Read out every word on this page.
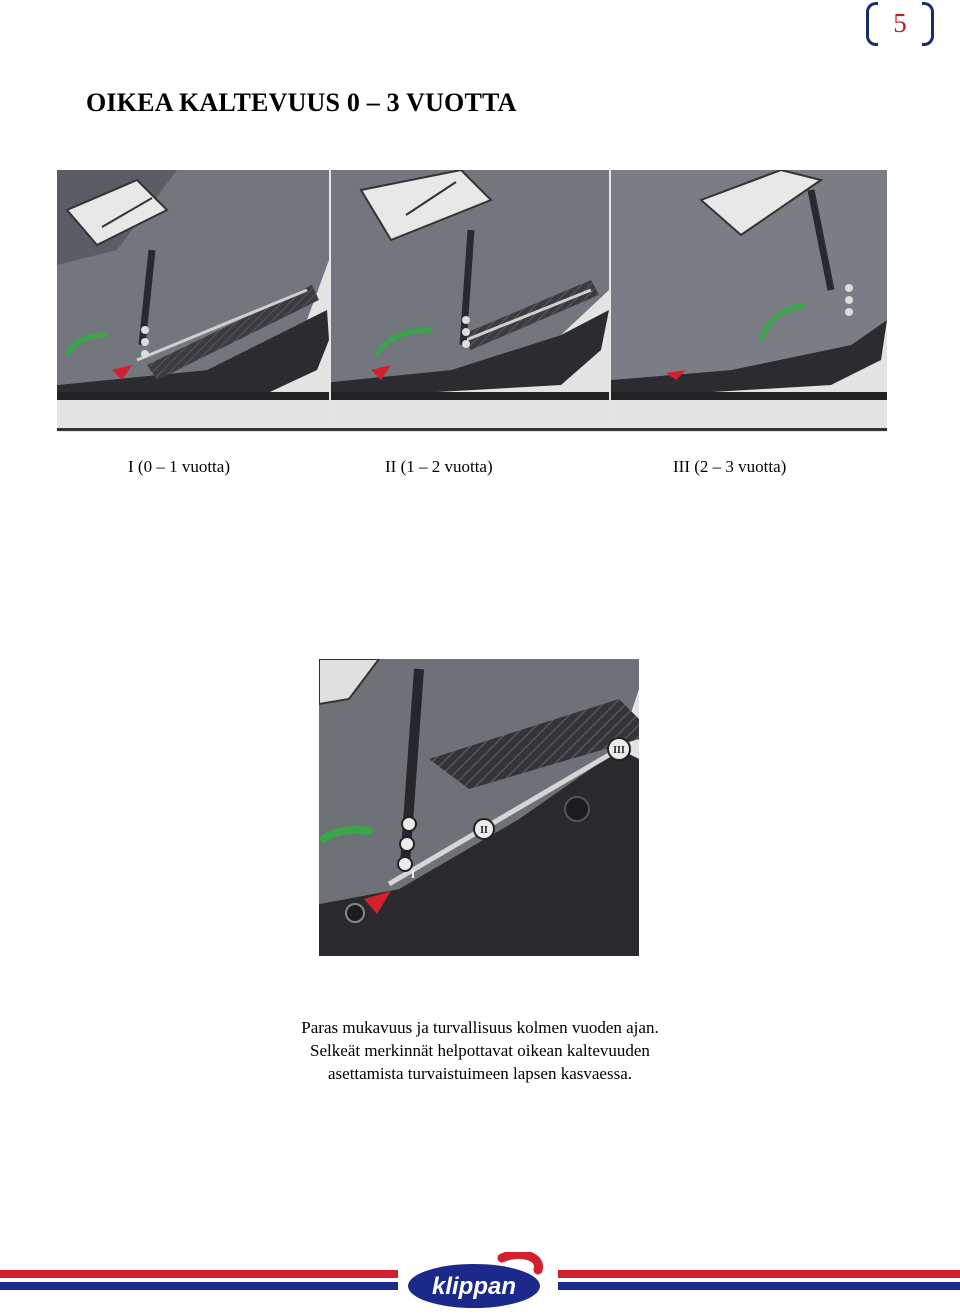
5
OIKEA KALTEVUUS 0 – 3 VUOTTA
I (0 – 1 vuotta)	II (1 – 2 vuotta)	III (2 – 3 vuotta)
III
II
I
Paras mukavuus ja turvallisuus kolmen vuoden ajan.
Selkeät merkinnät helpottavat oikean kaltevuuden
asettamista turvaistuimeen lapsen kasvaessa.
klippan
